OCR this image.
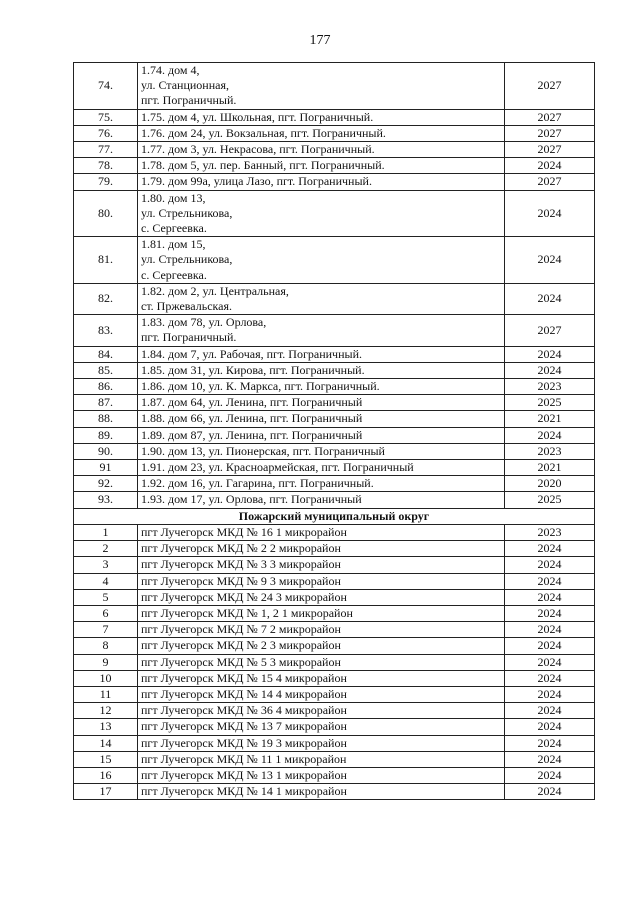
177
74.	1.74. дом 4,
ул. Станционная,
пгт. Пограничный.	2027
75.	1.75. дом 4, ул. Школьная, пгт. Пограничный.	2027
76.	1.76. дом 24, ул. Вокзальная, пгт. Пограничный.	2027
77.	1.77. дом 3, ул. Некрасова, пгт. Пограничный.	2027
78.	1.78. дом 5, ул. пер. Банный, пгт. Пограничный.	2024
79.	1.79. дом 99а, улица Лазо, пгт. Пограничный.	2027
80.	1.80. дом 13,
ул. Стрельникова,
с. Сергеевка.	2024
81.	1.81. дом 15,
ул. Стрельникова,
с. Сергеевка.	2024
82.	1.82. дом 2, ул. Центральная,
ст. Пржевальская.	2024
83.	1.83. дом 78, ул. Орлова,
пгт. Пограничный.	2027
84.	1.84. дом 7, ул. Рабочая, пгт. Пограничный.	2024
85.	1.85. дом 31, ул. Кирова, пгт. Пограничный.	2024
86.	1.86. дом 10, ул. К. Маркса, пгт. Пограничный.	2023
87.	1.87. дом 64, ул. Ленина, пгт. Пограничный	2025
88.	1.88. дом 66, ул. Ленина, пгт. Пограничный	2021
89.	1.89. дом 87, ул. Ленина, пгт. Пограничный	2024
90.	1.90. дом 13, ул. Пионерская, пгт. Пограничный	2023
91	1.91. дом 23, ул. Красноармейская, пгт. Пограничный	2021
92.	1.92. дом 16, ул. Гагарина, пгт. Пограничный.	2020
93.	1.93. дом 17, ул. Орлова, пгт. Пограничный	2025
Пожарский муниципальный округ		
1	пгт Лучегорск МКД № 16 1 микрорайон	2023
2	пгт Лучегорск МКД № 2 2 микрорайон	2024
3	пгт Лучегорск МКД № 3 3 микрорайон	2024
4	пгт Лучегорск МКД № 9 3 микрорайон	2024
5	пгт Лучегорск МКД № 24 3 микрорайон	2024
6	пгт Лучегорск МКД № 1, 2 1 микрорайон	2024
7	пгт Лучегорск МКД № 7 2 микрорайон	2024
8	пгт Лучегорск МКД № 2 3 микрорайон	2024
9	пгт Лучегорск МКД № 5 3 микрорайон	2024
10	пгт Лучегорск МКД № 15 4 микрорайон	2024
11	пгт Лучегорск МКД № 14 4 микрорайон	2024
12	пгт Лучегорск МКД № 36 4 микрорайон	2024
13	пгт Лучегорск МКД № 13 7 микрорайон	2024
14	пгт Лучегорск МКД № 19 3 микрорайон	2024
15	пгт Лучегорск МКД № 11 1 микрорайон	2024
16	пгт Лучегорск МКД № 13 1 микрорайон	2024
17	пгт Лучегорск МКД № 14 1 микрорайон	2024
